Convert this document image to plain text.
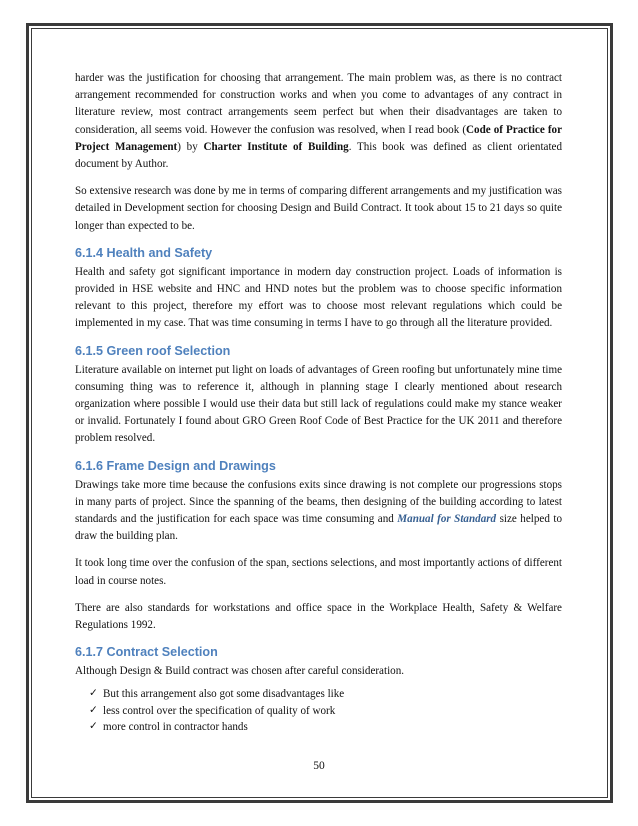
harder was the justification for choosing that arrangement. The main problem was, as there is no contract arrangement recommended for construction works and when you come to advantages of any contract in literature review, most contract arrangements seem perfect but when their disadvantages are taken to consideration, all seems void. However the confusion was resolved, when I read book (Code of Practice for Project Management) by Charter Institute of Building. This book was defined as client orientated document by Author.

So extensive research was done by me in terms of comparing different arrangements and my justification was detailed in Development section for choosing Design and Build Contract. It took about 15 to 21 days so quite longer than expected to be.

6.1.4 Health and Safety

Health and safety got significant importance in modern day construction project. Loads of information is provided in HSE website and HNC and HND notes but the problem was to choose specific information relevant to this project, therefore my effort was to choose most relevant regulations which could be implemented in my case. That was time consuming in terms I have to go through all the literature provided.

6.1.5 Green roof Selection

Literature available on internet put light on loads of advantages of Green roofing but unfortunately mine time consuming thing was to reference it, although in planning stage I clearly mentioned about research organization where possible I would use their data but still lack of regulations could make my stance weaker or invalid. Fortunately I found about GRO Green Roof Code of Best Practice for the UK 2011 and therefore problem resolved.

6.1.6 Frame Design and Drawings

Drawings take more time because the confusions exits since drawing is not complete our progressions stops in many parts of project. Since the spanning of the beams, then designing of the building according to latest standards and the justification for each space was time consuming and Manual for Standard size helped to draw the building plan.

It took long time over the confusion of the span, sections selections, and most importantly actions of different load in course notes.

There are also standards for workstations and office space in the Workplace Health, Safety & Welfare Regulations 1992.

6.1.7 Contract Selection

Although Design & Build contract was chosen after careful consideration.

✓ But this arrangement also got some disadvantages like
✓ less control over the specification of quality of work
✓ more control in contractor hands
50
